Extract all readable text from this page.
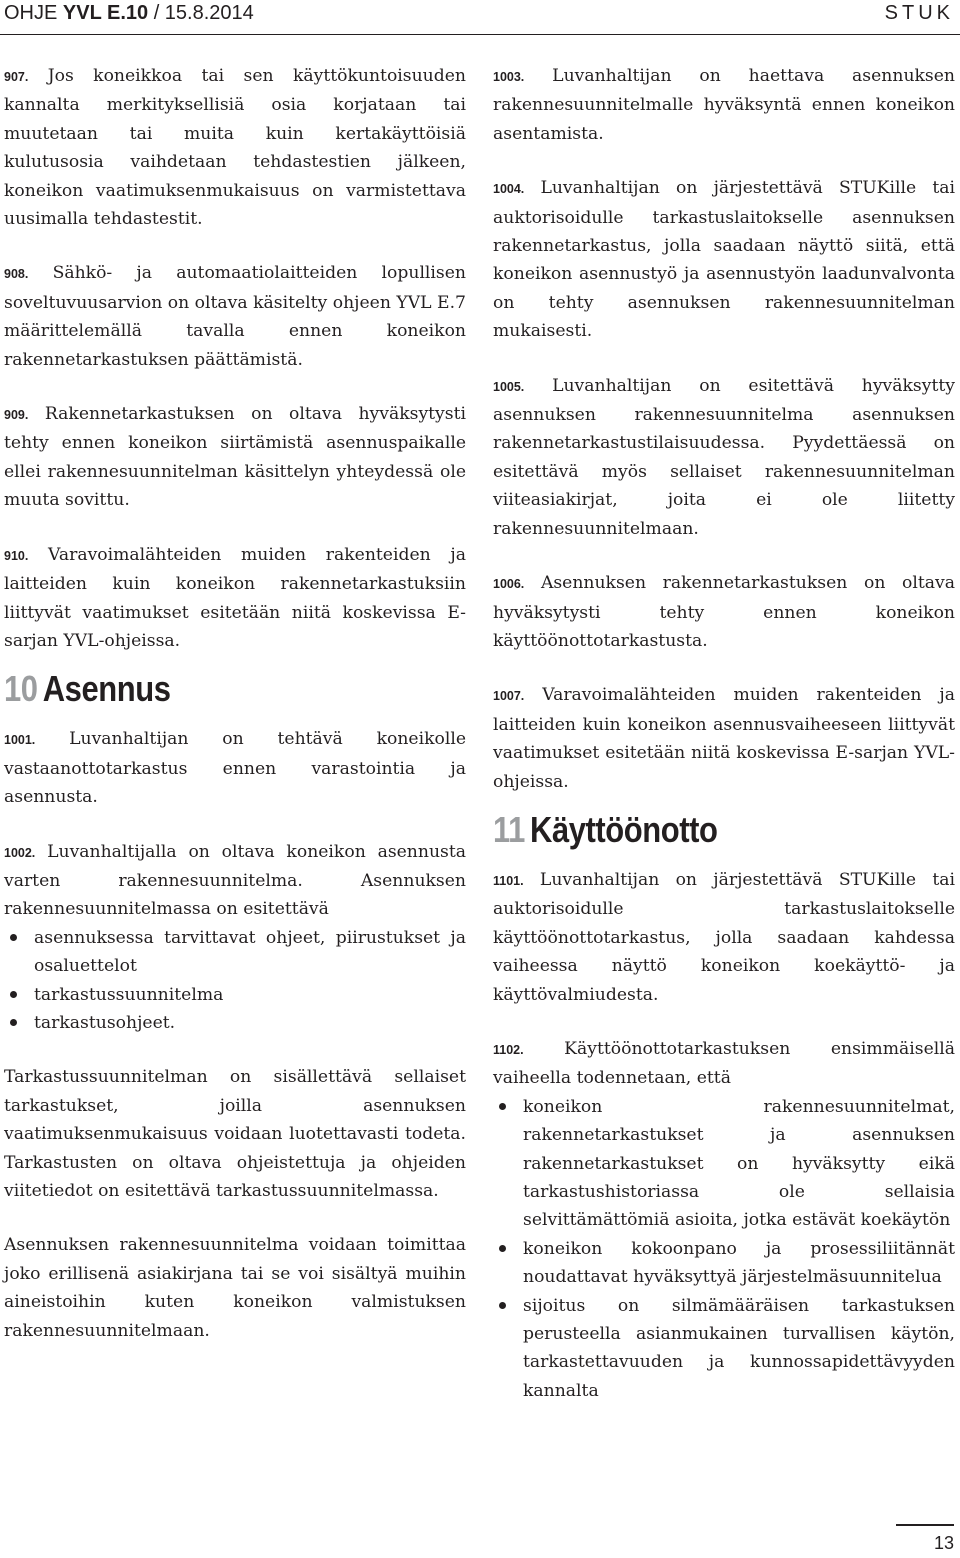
OHJE YVL E.10 / 15.8.2014	STUK

907. Jos koneikkoa tai sen käyttökuntoisuuden kannalta merkityksellisiä osia korjataan tai muutetaan tai muita kuin kertakäyttöisiä kulutusosia vaihdetaan tehdastestien jälkeen, koneikon vaatimuksenmukaisuus on varmistettava uusimalla tehdastestit.

908. Sähkö- ja automaatiolaitteiden lopullisen soveltuvuusarvion on oltava käsitelty ohjeen YVL E.7 määrittelemällä tavalla ennen koneikon rakennetarkastuksen päättämistä.

909. Rakennetarkastuksen on oltava hyväksytysti tehty ennen koneikon siirtämistä asennuspaikalle ellei rakennesuunnitelman käsittelyn yhteydessä ole muuta sovittu.

910. Varavoimalähteiden muiden rakenteiden ja laitteiden kuin koneikon rakennetarkastuksiin liittyvät vaatimukset esitetään niitä koskevissa E-sarjan YVL-ohjeissa.

10 Asennus

1001. Luvanhaltijan on tehtävä koneikolle vastaanottotarkastus ennen varastointia ja asennusta.

1002. Luvanhaltijalla on oltava koneikon asennusta varten rakennesuunnitelma. Asennuksen rakennesuunnitelmassa on esitettävä

asennuksessa tarvittavat ohjeet, piirustukset ja osaluettelot
tarkastussuunnitelma
tarkastusohjeet.

Tarkastussuunnitelman on sisällettävä sellaiset tarkastukset, joilla asennuksen vaatimuksenmukaisuus voidaan luotettavasti todeta. Tarkastusten on oltava ohjeistettuja ja ohjeiden viitetiedot on esitettävä tarkastussuunnitelmassa.

Asennuksen rakennesuunnitelma voidaan toimittaa joko erillisenä asiakirjana tai se voi sisältyä muihin aineistoihin kuten koneikon valmistuksen rakennesuunnitelmaan.

1003. Luvanhaltijan on haettava asennuksen rakennesuunnitelmalle hyväksyntä ennen koneikon asentamista.

1004. Luvanhaltijan on järjestettävä STUKille tai auktorisoidulle tarkastuslaitokselle asennuksen rakennetarkastus, jolla saadaan näyttö siitä, että koneikon asennustyö ja asennustyön laadunvalvonta on tehty asennuksen rakennesuunnitelman mukaisesti.

1005. Luvanhaltijan on esitettävä hyväksytty asennuksen rakennesuunnitelma asennuksen rakennetarkastustilaisuudessa. Pyydettäessä on esitettävä myös sellaiset rakennesuunnitelman viiteasiakirjat, joita ei ole liitetty rakennesuunnitelmaan.

1006. Asennuksen rakennetarkastuksen on oltava hyväksytysti tehty ennen koneikon käyttöönottotarkastusta.

1007. Varavoimalähteiden muiden rakenteiden ja laitteiden kuin koneikon asennusvaiheeseen liittyvät vaatimukset esitetään niitä koskevissa E-sarjan YVL-ohjeissa.

11 Käyttöönotto

1101. Luvanhaltijan on järjestettävä STUKille tai auktorisoidulle tarkastuslaitokselle käyttöönottotarkastus, jolla saadaan kahdessa vaiheessa näyttö koneikon koekäyttö- ja käyttövalmiudesta.

1102. Käyttöönottotarkastuksen ensimmäisellä vaiheella todennetaan, että

koneikon rakennesuunnitelmat, rakennetarkastukset ja asennuksen rakennetarkastukset on hyväksytty eikä tarkastushistoriassa ole sellaisia selvittämättömiä asioita, jotka estävät koekäytön
koneikon kokoonpano ja prosessiliitännät noudattavat hyväksyttyä järjestelmäsuunnitelua
sijoitus on silmämääräisen tarkastuksen perusteella asianmukainen turvallisen käytön, tarkastettavuuden ja kunnossapidettävyyden kannalta
13
